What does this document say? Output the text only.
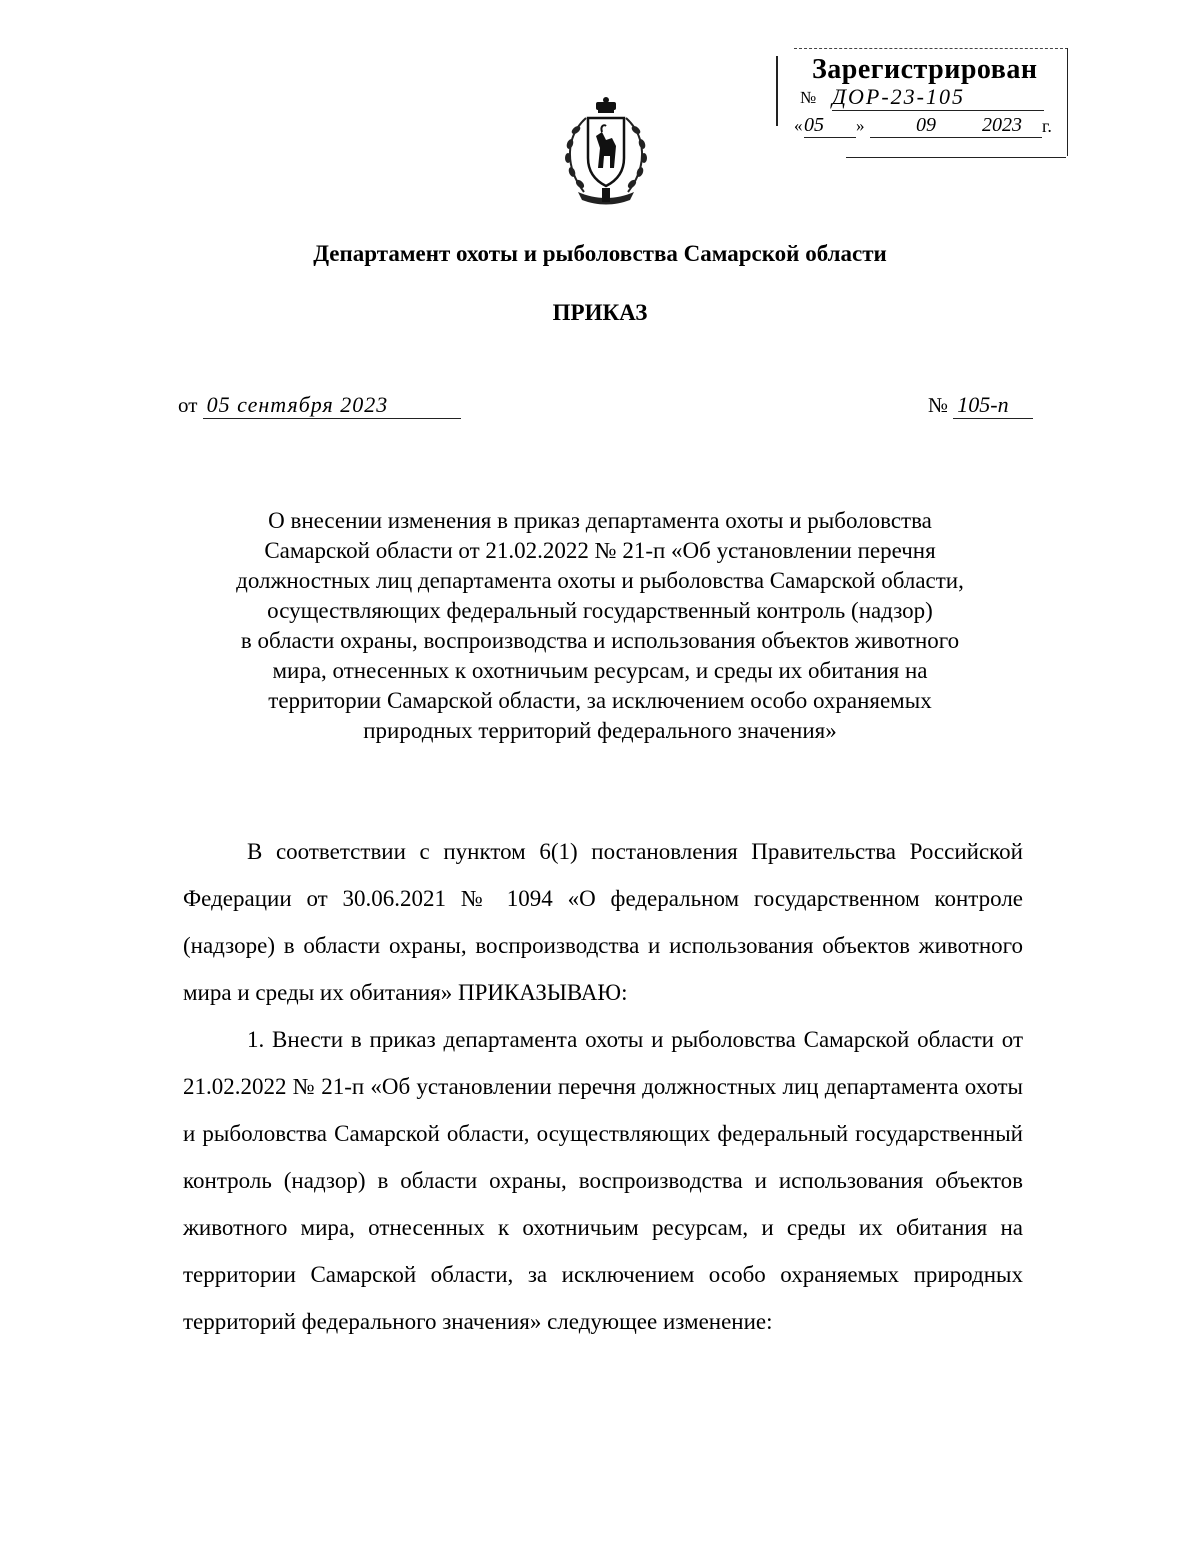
Зарегистрирован
№ ДОР-23-105
« 05	»	09	2023	г.
Департамент охоты и рыболовства Самарской области
ПРИКАЗ
от 05 сентября 2023	№ 105-п
О внесении изменения в приказ департамента охоты и рыболовства
Самарской области от 21.02.2022 № 21-п «Об установлении перечня
должностных лиц департамента охоты и рыболовства Самарской области,
осуществляющих федеральный государственный контроль (надзор)
в области охраны, воспроизводства и использования объектов животного
мира, отнесенных к охотничьим ресурсам, и среды их обитания на
территории Самарской области, за исключением особо охраняемых
природных территорий федерального значения»

В соответствии с пунктом 6(1) постановления Правительства Российской Федерации от 30.06.2021 № 1094 «О федеральном государственном контроле (надзоре) в области охраны, воспроизводства и использования объектов животного мира и среды их обитания» ПРИКАЗЫВАЮ:

1. Внести в приказ департамента охоты и рыболовства Самарской области от 21.02.2022 № 21-п «Об установлении перечня должностных лиц департамента охоты и рыболовства Самарской области, осуществляющих федеральный государственный контроль (надзор) в области охраны, воспроизводства и использования объектов животного мира, отнесенных к охотничьим ресурсам, и среды их обитания на территории Самарской области, за исключением особо охраняемых природных территорий федерального значения» следующее изменение:
